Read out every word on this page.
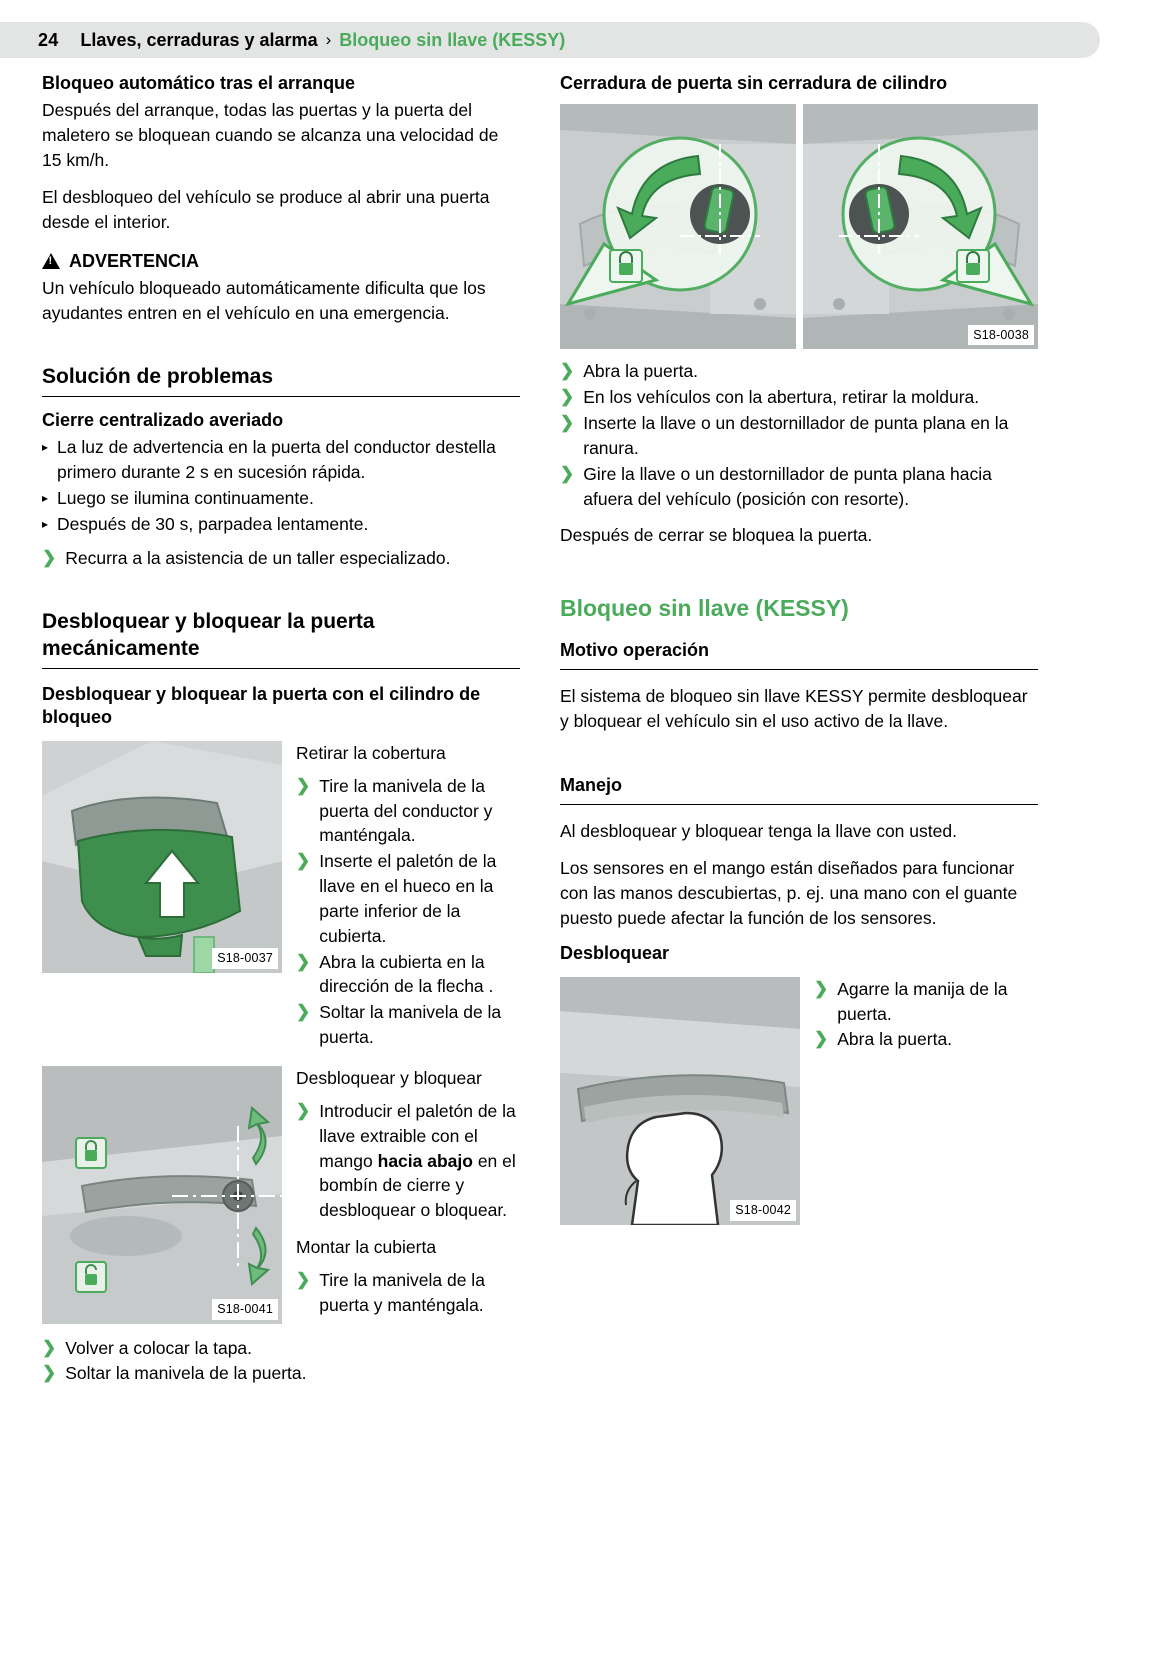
24 Llaves, cerraduras y alarma › Bloqueo sin llave (KESSY)
Bloqueo automático tras el arranque

Después del arranque, todas las puertas y la puerta del maletero se bloquean cuando se alcanza una velocidad de 15 km/h.

El desbloqueo del vehículo se produce al abrir una puerta desde el interior.

!
ADVERTENCIA

Un vehículo bloqueado automáticamente dificulta que los ayudantes entren en el vehículo en una emergencia.

Solución de problemas
Cierre centralizado averiado
▸ La luz de advertencia en la puerta del conductor destella primero durante 2 s en sucesión rápida.
▸ Luego se ilumina continuamente.
▸ Después de 30 s, parpadea lentamente.
❯ Recurra a la asistencia de un taller especializado.
Desbloquear y bloquear la puerta mecánicamente
Desbloquear y bloquear la puerta con el cilindro de bloqueo
S18-0037

Retirar la cobertura

❯ Tire la manivela de la puerta del conductor y manténgala.
❯ Inserte el paletón de la llave en el hueco en la parte inferior de la cubierta.
❯ Abra la cubierta en la dirección de la flecha .
❯ Soltar la manivela de la puerta.
S18-0041

Desbloquear y bloquear

❯ Introducir el paletón de la llave extraible con el mango hacia abajo en el bombín de cierre y desbloquear o bloquear.

Montar la cubierta

❯ Tire la manivela de la puerta y manténgala.
❯ Volver a colocar la tapa.
❯ Soltar la manivela de la puerta.
Cerradura de puerta sin cerradura de cilindro
S18-0038
❯ Abra la puerta.
❯ En los vehículos con la abertura, retirar la moldura.
❯ Inserte la llave o un destornillador de punta plana en la ranura.
❯ Gire la llave o un destornillador de punta plana hacia afuera del vehículo (posición con resorte).

Después de cerrar se bloquea la puerta.

Bloqueo sin llave (KESSY)
Motivo operación

El sistema de bloqueo sin llave KESSY permite desbloquear y bloquear el vehículo sin el uso activo de la llave.

Manejo

Al desbloquear y bloquear tenga la llave con usted.

Los sensores en el mango están diseñados para funcionar con las manos descubiertas, p. ej. una mano con el guante puesto puede afectar la función de los sensores.

Desbloquear
S18-0042
❯ Agarre la manija de la puerta.
❯ Abra la puerta.
